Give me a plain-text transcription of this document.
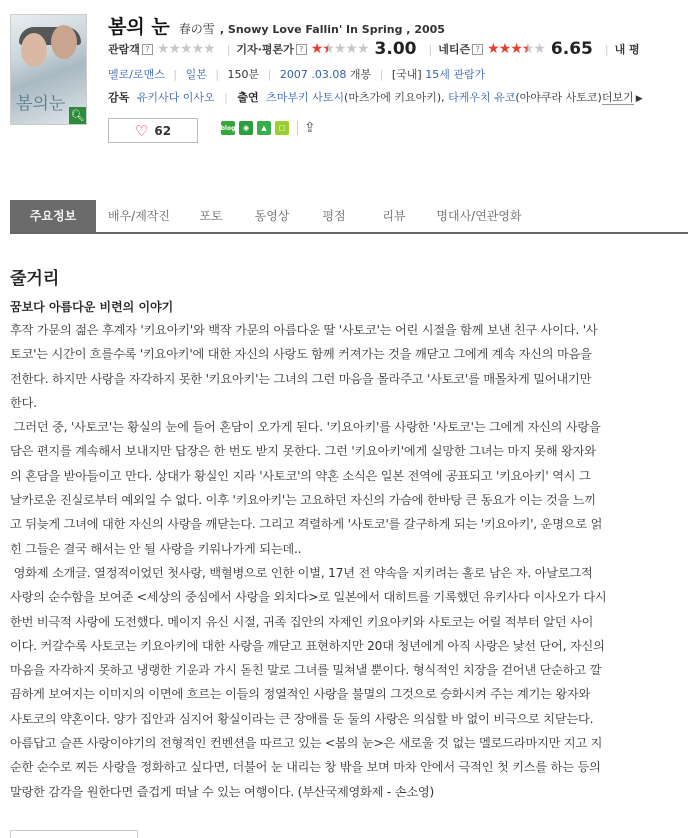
봄의눈
🔍︎
봄의 눈 春の雪 , Snowy Love Fallin' In Spring , 2005
관람객 ? ★★★★★ | 기자·평론가 ? ★★★★★ 3.00 | 네티즌 ? ★★★★★ 6.65 | 내 평
멜로/로맨스 | 일본 | 150분 | 2007 .03.08 개봉 | [국내] 15세 관람가
감독 유키사다 이사오 | 출연 츠마부키 사토시(마츠가에 키요아키), 타케우치 유코(아야쿠라 사토코)더보기 ▶
♡ 62	blog	◉	▲	□ ⇪
주요정보	배우/제작진	포토	동영상	평점	리뷰	명대사/연관영화
줄거리
꿈보다 아름다운 비련의 이야기

후작 가문의 젊은 후계자 '키요아키'와 백작 가문의 아름다운 딸 '사토코'는 어린 시절을 함께 보낸 친구 사이다. '사

토코'는 시간이 흐를수록 '키요아키'에 대한 자신의 사랑도 함께 커져가는 것을 깨닫고 그에게 계속 자신의 마음을

전한다. 하지만 사랑을 자각하지 못한 '키요아키'는 그녀의 그런 마음을 몰라주고 '사토코'를 매몰차게 밀어내기만

한다.

그러던 중, '사토코'는 황실의 눈에 들어 혼담이 오가게 된다. '키요아키'를 사랑한 '사토코'는 그에게 자신의 사랑을

담은 편지를 계속해서 보내지만 답장은 한 번도 받지 못한다. 그런 '키요아키'에게 실망한 그녀는 마지 못해 왕자와

의 혼담을 받아들이고 만다. 상대가 황실인 지라 '사토코'의 약혼 소식은 일본 전역에 공표되고 '키요아키' 역시 그

날카로운 진실로부터 예외일 수 없다. 이후 '키요아키'는 고요하던 자신의 가슴에 한바탕 큰 동요가 이는 것을 느끼

고 뒤늦게 그녀에 대한 자신의 사랑을 깨닫는다. 그리고 격렬하게 '사토코'를 갈구하게 되는 '키요아키', 운명으로 얽

힌 그들은 결국 해서는 안 될 사랑을 키워나가게 되는데..

영화제 소개글. 열정적이었던 첫사랑, 백혈병으로 인한 이별, 17년 전 약속을 지키려는 홀로 남은 자. 아날로그적

사랑의 순수함을 보여준 <세상의 중심에서 사랑을 외치다>로 일본에서 대히트를 기록했던 유키사다 이사오가 다시

한번 비극적 사랑에 도전했다. 메이지 유신 시절, 귀족 집안의 자제인 키요아키와 사토코는 어릴 적부터 알던 사이

이다. 커갈수록 사토코는 키요아키에 대한 사랑을 깨닫고 표현하지만 20대 청년에게 아직 사랑은 낯선 단어, 자신의

마음을 자각하지 못하고 냉랭한 기운과 가시 돋친 말로 그녀를 밀쳐낼 뿐이다. 형식적인 치장을 걷어낸 단순하고 깔

끔하게 보여지는 이미지의 이면에 흐르는 이들의 정열적인 사랑을 불멸의 그것으로 승화시켜 주는 계기는 왕자와

사토코의 약혼이다. 양가 집안과 심지어 황실이라는 큰 장애를 둔 둘의 사랑은 의심할 바 없이 비극으로 치닫는다.

아름답고 슬픈 사랑이야기의 전형적인 컨벤션을 따르고 있는 <봄의 눈>은 새로울 것 없는 멜로드라마지만 지고 지

순한 순수로 찌든 사랑을 정화하고 싶다면, 더불어 눈 내리는 창 밖을 보며 마차 안에서 극적인 첫 키스를 하는 등의

말랑한 감각을 원한다면 즐겁게 떠날 수 있는 여행이다. (부산국제영화제 - 손소영)
